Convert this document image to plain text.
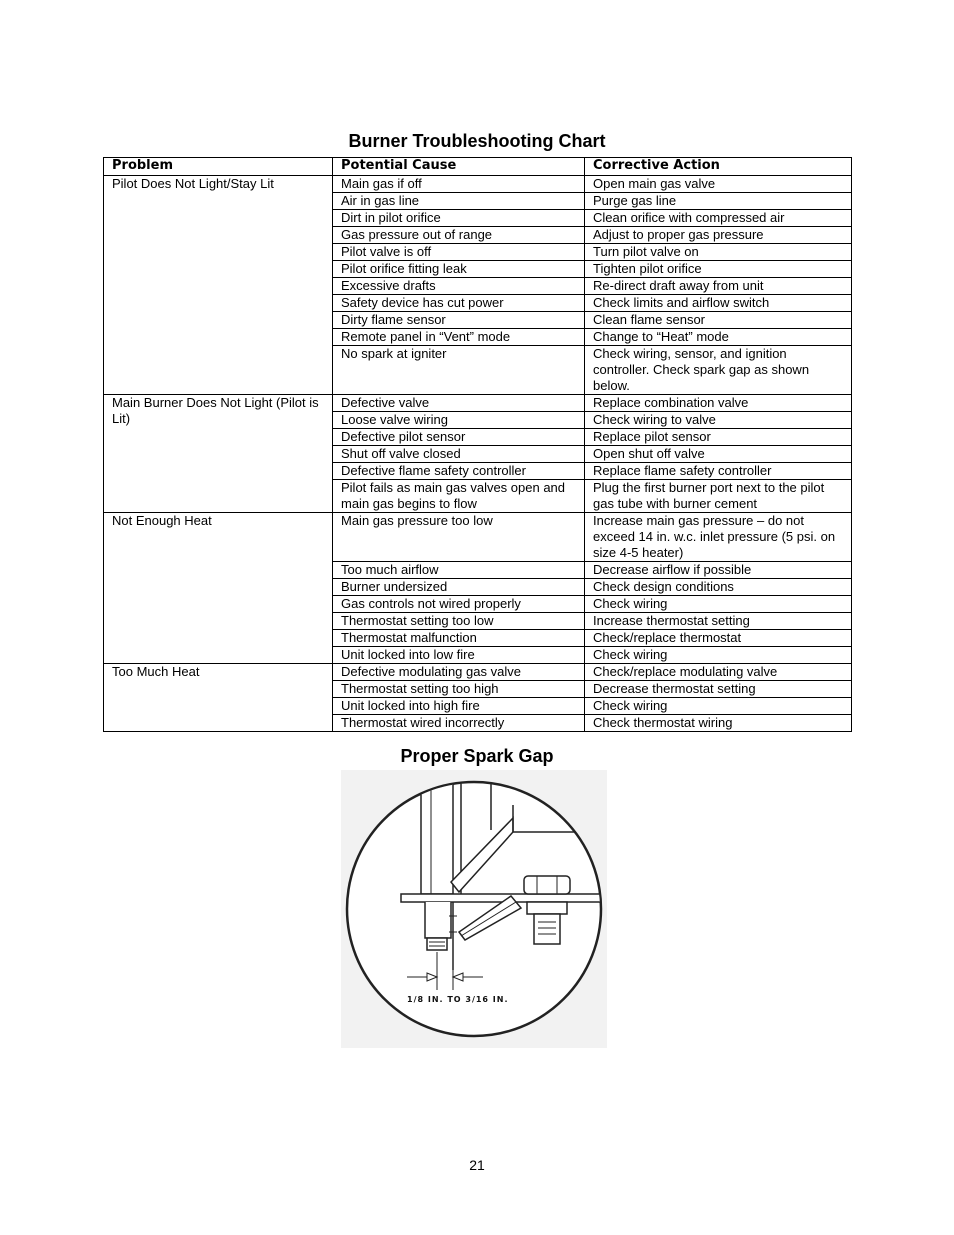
Burner Troubleshooting Chart
Problem	Potential Cause	Corrective Action
Pilot Does Not Light/Stay Lit	Main gas if off	Open main gas valve
	Air in gas line	Purge gas line
	Dirt in pilot orifice	Clean orifice with compressed air
	Gas pressure out of range	Adjust to proper gas pressure
	Pilot valve is off	Turn pilot valve on
	Pilot orifice fitting leak	Tighten pilot orifice
	Excessive drafts	Re-direct draft away from unit
	Safety device has cut power	Check limits and airflow switch
	Dirty flame sensor	Clean flame sensor
	Remote panel in “Vent” mode	Change to “Heat” mode
	No spark at igniter	Check wiring, sensor, and ignition controller. Check spark gap as shown below.
Main Burner Does Not Light (Pilot is Lit)	Defective valve	Replace combination valve
	Loose valve wiring	Check wiring to valve
	Defective pilot sensor	Replace pilot sensor
	Shut off valve closed	Open shut off valve
	Defective flame safety controller	Replace flame safety controller
	Pilot fails as main gas valves open and main gas begins to flow	Plug the first burner port next to the pilot gas tube with burner cement
Not Enough Heat	Main gas pressure too low	Increase main gas pressure – do not exceed 14 in. w.c. inlet pressure (5 psi. on size 4-5 heater)
	Too much airflow	Decrease airflow if possible
	Burner undersized	Check design conditions
	Gas controls not wired properly	Check wiring
	Thermostat setting too low	Increase thermostat setting
	Thermostat malfunction	Check/replace thermostat
	Unit locked into low fire	Check wiring
Too Much Heat	Defective modulating gas valve	Check/replace modulating valve
	Thermostat setting too high	Decrease thermostat setting
	Unit locked into high fire	Check wiring
	Thermostat wired incorrectly	Check thermostat wiring
Proper Spark Gap
1/8 IN. TO 3/16 IN.
21
